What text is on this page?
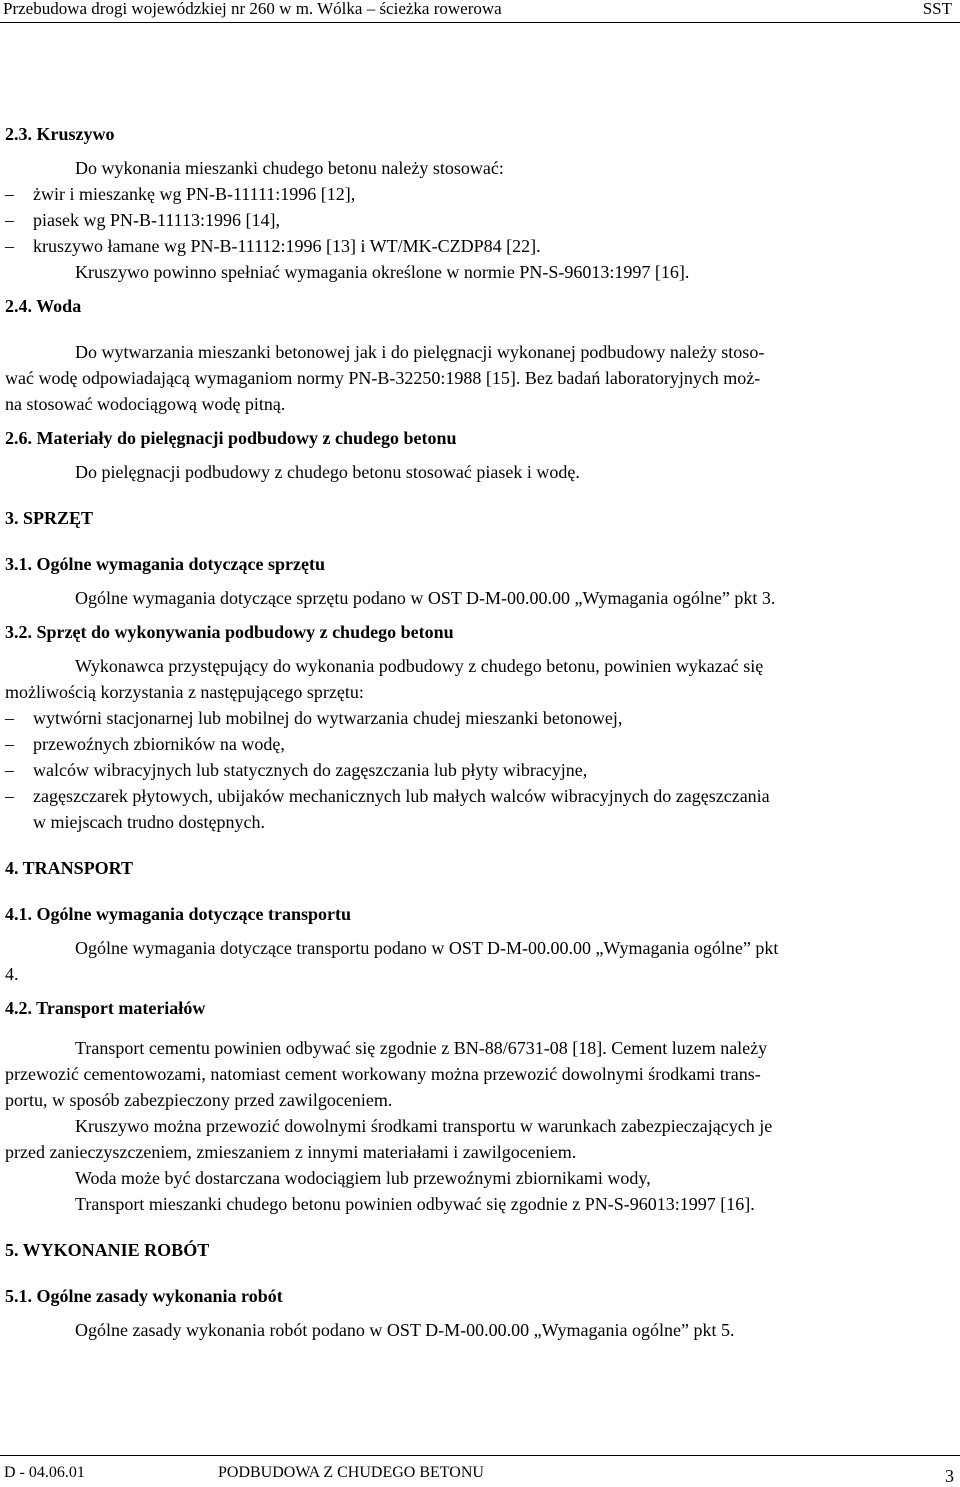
Przebudowa drogi wojewódzkiej nr 260 w m. Wólka – ścieżka rowerowa	SST
2.3. Kruszywo
Do wykonania mieszanki chudego betonu należy stosować:
– żwir i mieszankę wg PN-B-11111:1996 [12],
– piasek wg PN-B-11113:1996 [14],
– kruszywo łamane wg PN-B-11112:1996 [13] i WT/MK-CZDP84 [22].
Kruszywo powinno spełniać wymagania określone w normie PN-S-96013:1997 [16].
2.4. Woda
Do wytwarzania mieszanki betonowej jak i do pielęgnacji wykonanej podbudowy należy stoso-
wać wodę odpowiadającą wymaganiom normy PN-B-32250:1988 [15]. Bez badań laboratoryjnych moż-
na stosować wodociągową wodę pitną.
2.6. Materiały do pielęgnacji podbudowy z chudego betonu
Do pielęgnacji podbudowy z chudego betonu stosować piasek i wodę.
3. SPRZĘT
3.1. Ogólne wymagania dotyczące sprzętu
Ogólne wymagania dotyczące sprzętu podano w OST D-M-00.00.00 „Wymagania ogólne” pkt 3.
3.2. Sprzęt do wykonywania podbudowy z chudego betonu
Wykonawca przystępujący do wykonania podbudowy z chudego betonu, powinien wykazać się
możliwością korzystania z następującego sprzętu:
– wytwórni stacjonarnej lub mobilnej do wytwarzania chudej mieszanki betonowej,
– przewoźnych zbiorników na wodę,
– walców wibracyjnych lub statycznych do zagęszczania lub płyty wibracyjne,
– zagęszczarek płytowych, ubijaków mechanicznych lub małych walców wibracyjnych do zagęszczania
w miejscach trudno dostępnych.
4. TRANSPORT
4.1. Ogólne wymagania dotyczące transportu
Ogólne wymagania dotyczące transportu podano w OST D-M-00.00.00 „Wymagania ogólne” pkt
4.
4.2. Transport materiałów
Transport cementu powinien odbywać się zgodnie z BN-88/6731-08 [18]. Cement luzem należy
przewozić cementowozami, natomiast cement workowany można przewozić dowolnymi środkami trans-
portu, w sposób zabezpieczony przed zawilgoceniem.
Kruszywo można przewozić dowolnymi środkami transportu w warunkach zabezpieczających je
przed zanieczyszczeniem, zmieszaniem z innymi materiałami i zawilgoceniem.
Woda może być dostarczana wodociągiem lub przewoźnymi zbiornikami wody,
Transport mieszanki chudego betonu powinien odbywać się zgodnie z PN-S-96013:1997 [16].
5. WYKONANIE ROBÓT
5.1. Ogólne zasady wykonania robót
Ogólne zasady wykonania robót podano w OST D-M-00.00.00 „Wymagania ogólne” pkt 5.
D - 04.06.01	PODBUDOWA Z CHUDEGO BETONU	3
